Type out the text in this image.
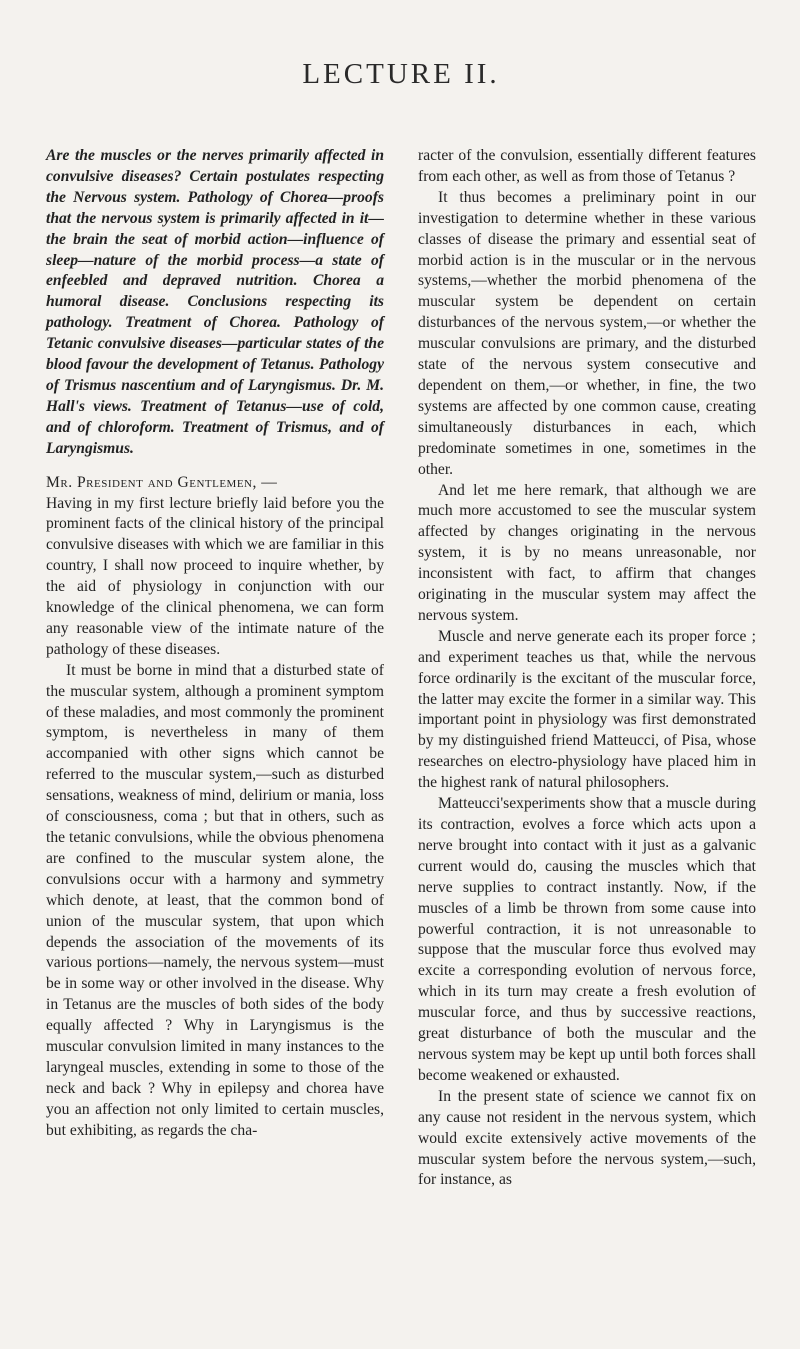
LECTURE II.

Are the muscles or the nerves primarily affected in convulsive diseases? Certain postulates respecting the Nervous system. Pathology of Chorea—proofs that the nervous system is primarily affected in it—the brain the seat of morbid action—influence of sleep—nature of the morbid process—a state of enfeebled and depraved nutrition. Chorea a humoral disease. Conclusions respecting its pathology. Treatment of Chorea. Pathology of Tetanic convulsive diseases—particular states of the blood favour the development of Tetanus. Pathology of Trismus nascentium and of Laryngismus. Dr. M. Hall's views. Treatment of Tetanus—use of cold, and of chloroform. Treatment of Trismus, and of Laryngismus.

Mr. President and Gentlemen, —

Having in my first lecture briefly laid before you the prominent facts of the clinical history of the principal convulsive diseases with which we are familiar in this country, I shall now proceed to inquire whether, by the aid of physiology in conjunction with our knowledge of the clinical phenomena, we can form any reasonable view of the intimate nature of the pathology of these diseases.

It must be borne in mind that a disturbed state of the muscular system, although a prominent symptom of these maladies, and most commonly the prominent symptom, is nevertheless in many of them accompanied with other signs which cannot be referred to the muscular system,—such as disturbed sensations, weakness of mind, delirium or mania, loss of consciousness, coma ; but that in others, such as the tetanic convulsions, while the obvious phenomena are confined to the muscular system alone, the convulsions occur with a harmony and symmetry which denote, at least, that the common bond of union of the muscular system, that upon which depends the association of the movements of its various portions—namely, the nervous system—must be in some way or other involved in the disease. Why in Tetanus are the muscles of both sides of the body equally affected ? Why in Laryngismus is the muscular convulsion limited in many instances to the laryngeal muscles, extending in some to those of the neck and back ? Why in epilepsy and chorea have you an affection not only limited to certain muscles, but exhibiting, as regards the cha-

racter of the convulsion, essentially different features from each other, as well as from those of Tetanus ?

It thus becomes a preliminary point in our investigation to determine whether in these various classes of disease the primary and essential seat of morbid action is in the muscular or in the nervous systems,—whether the morbid phenomena of the muscular system be dependent on certain disturbances of the nervous system,—or whether the muscular convulsions are primary, and the disturbed state of the nervous system consecutive and dependent on them,—or whether, in fine, the two systems are affected by one common cause, creating simultaneously disturbances in each, which predominate sometimes in one, sometimes in the other.

And let me here remark, that although we are much more accustomed to see the muscular system affected by changes originating in the nervous system, it is by no means unreasonable, nor inconsistent with fact, to affirm that changes originating in the muscular system may affect the nervous system.

Muscle and nerve generate each its proper force ; and experiment teaches us that, while the nervous force ordinarily is the excitant of the muscular force, the latter may excite the former in a similar way. This important point in physiology was first demonstrated by my distinguished friend Matteucci, of Pisa, whose researches on electro-physiology have placed him in the highest rank of natural philosophers.

Matteucci'sexperiments show that a muscle during its contraction, evolves a force which acts upon a nerve brought into contact with it just as a galvanic current would do, causing the muscles which that nerve supplies to contract instantly. Now, if the muscles of a limb be thrown from some cause into powerful contraction, it is not unreasonable to suppose that the muscular force thus evolved may excite a corresponding evolution of nervous force, which in its turn may create a fresh evolution of muscular force, and thus by successive reactions, great disturbance of both the muscular and the nervous system may be kept up until both forces shall become weakened or exhausted.

In the present state of science we cannot fix on any cause not resident in the nervous system, which would excite extensively active movements of the muscular system before the nervous system,—such, for instance, as
